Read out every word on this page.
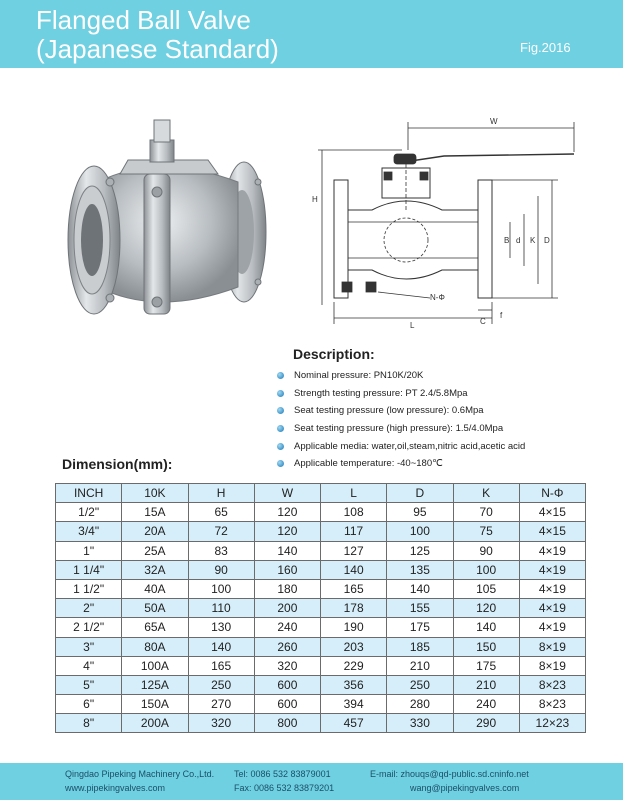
Flanged Ball Valve
(Japanese Standard)	Fig.2016
W
H
B d K D
N-Φ
L	C
f
Description:
Nominal pressure: PN10K/20K
Strength testing pressure: PT 2.4/5.8Mpa
Seat testing pressure (low pressure): 0.6Mpa
Seat testing pressure (high pressure): 1.5/4.0Mpa
Applicable media: water,oil,steam,nitric acid,acetic acid
Applicable temperature: -40~180℃
Dimension(mm):
INCH	10K	H	W	L	D	K	N-Φ
1/2"	15A	65	120	108	95	70	4×15
3/4"	20A	72	120	117	100	75	4×15
1"	25A	83	140	127	125	90	4×19
1 1/4"	32A	90	160	140	135	100	4×19
1 1/2"	40A	100	180	165	140	105	4×19
2"	50A	110	200	178	155	120	4×19
2 1/2"	65A	130	240	190	175	140	4×19
3"	80A	140	260	203	185	150	8×19
4"	100A	165	320	229	210	175	8×19
5"	125A	250	600	356	250	210	8×23
6"	150A	270	600	394	280	240	8×23
8"	200A	320	800	457	330	290	12×23
Qingdao Pipeking Machinery Co.,Ltd.
www.pipekingvalves.com
Tel: 0086 532 83879001
Fax: 0086 532 83879201
E-mail: zhouqs@qd-public.sd.cninfo.net
wang@pipekingvalves.com
